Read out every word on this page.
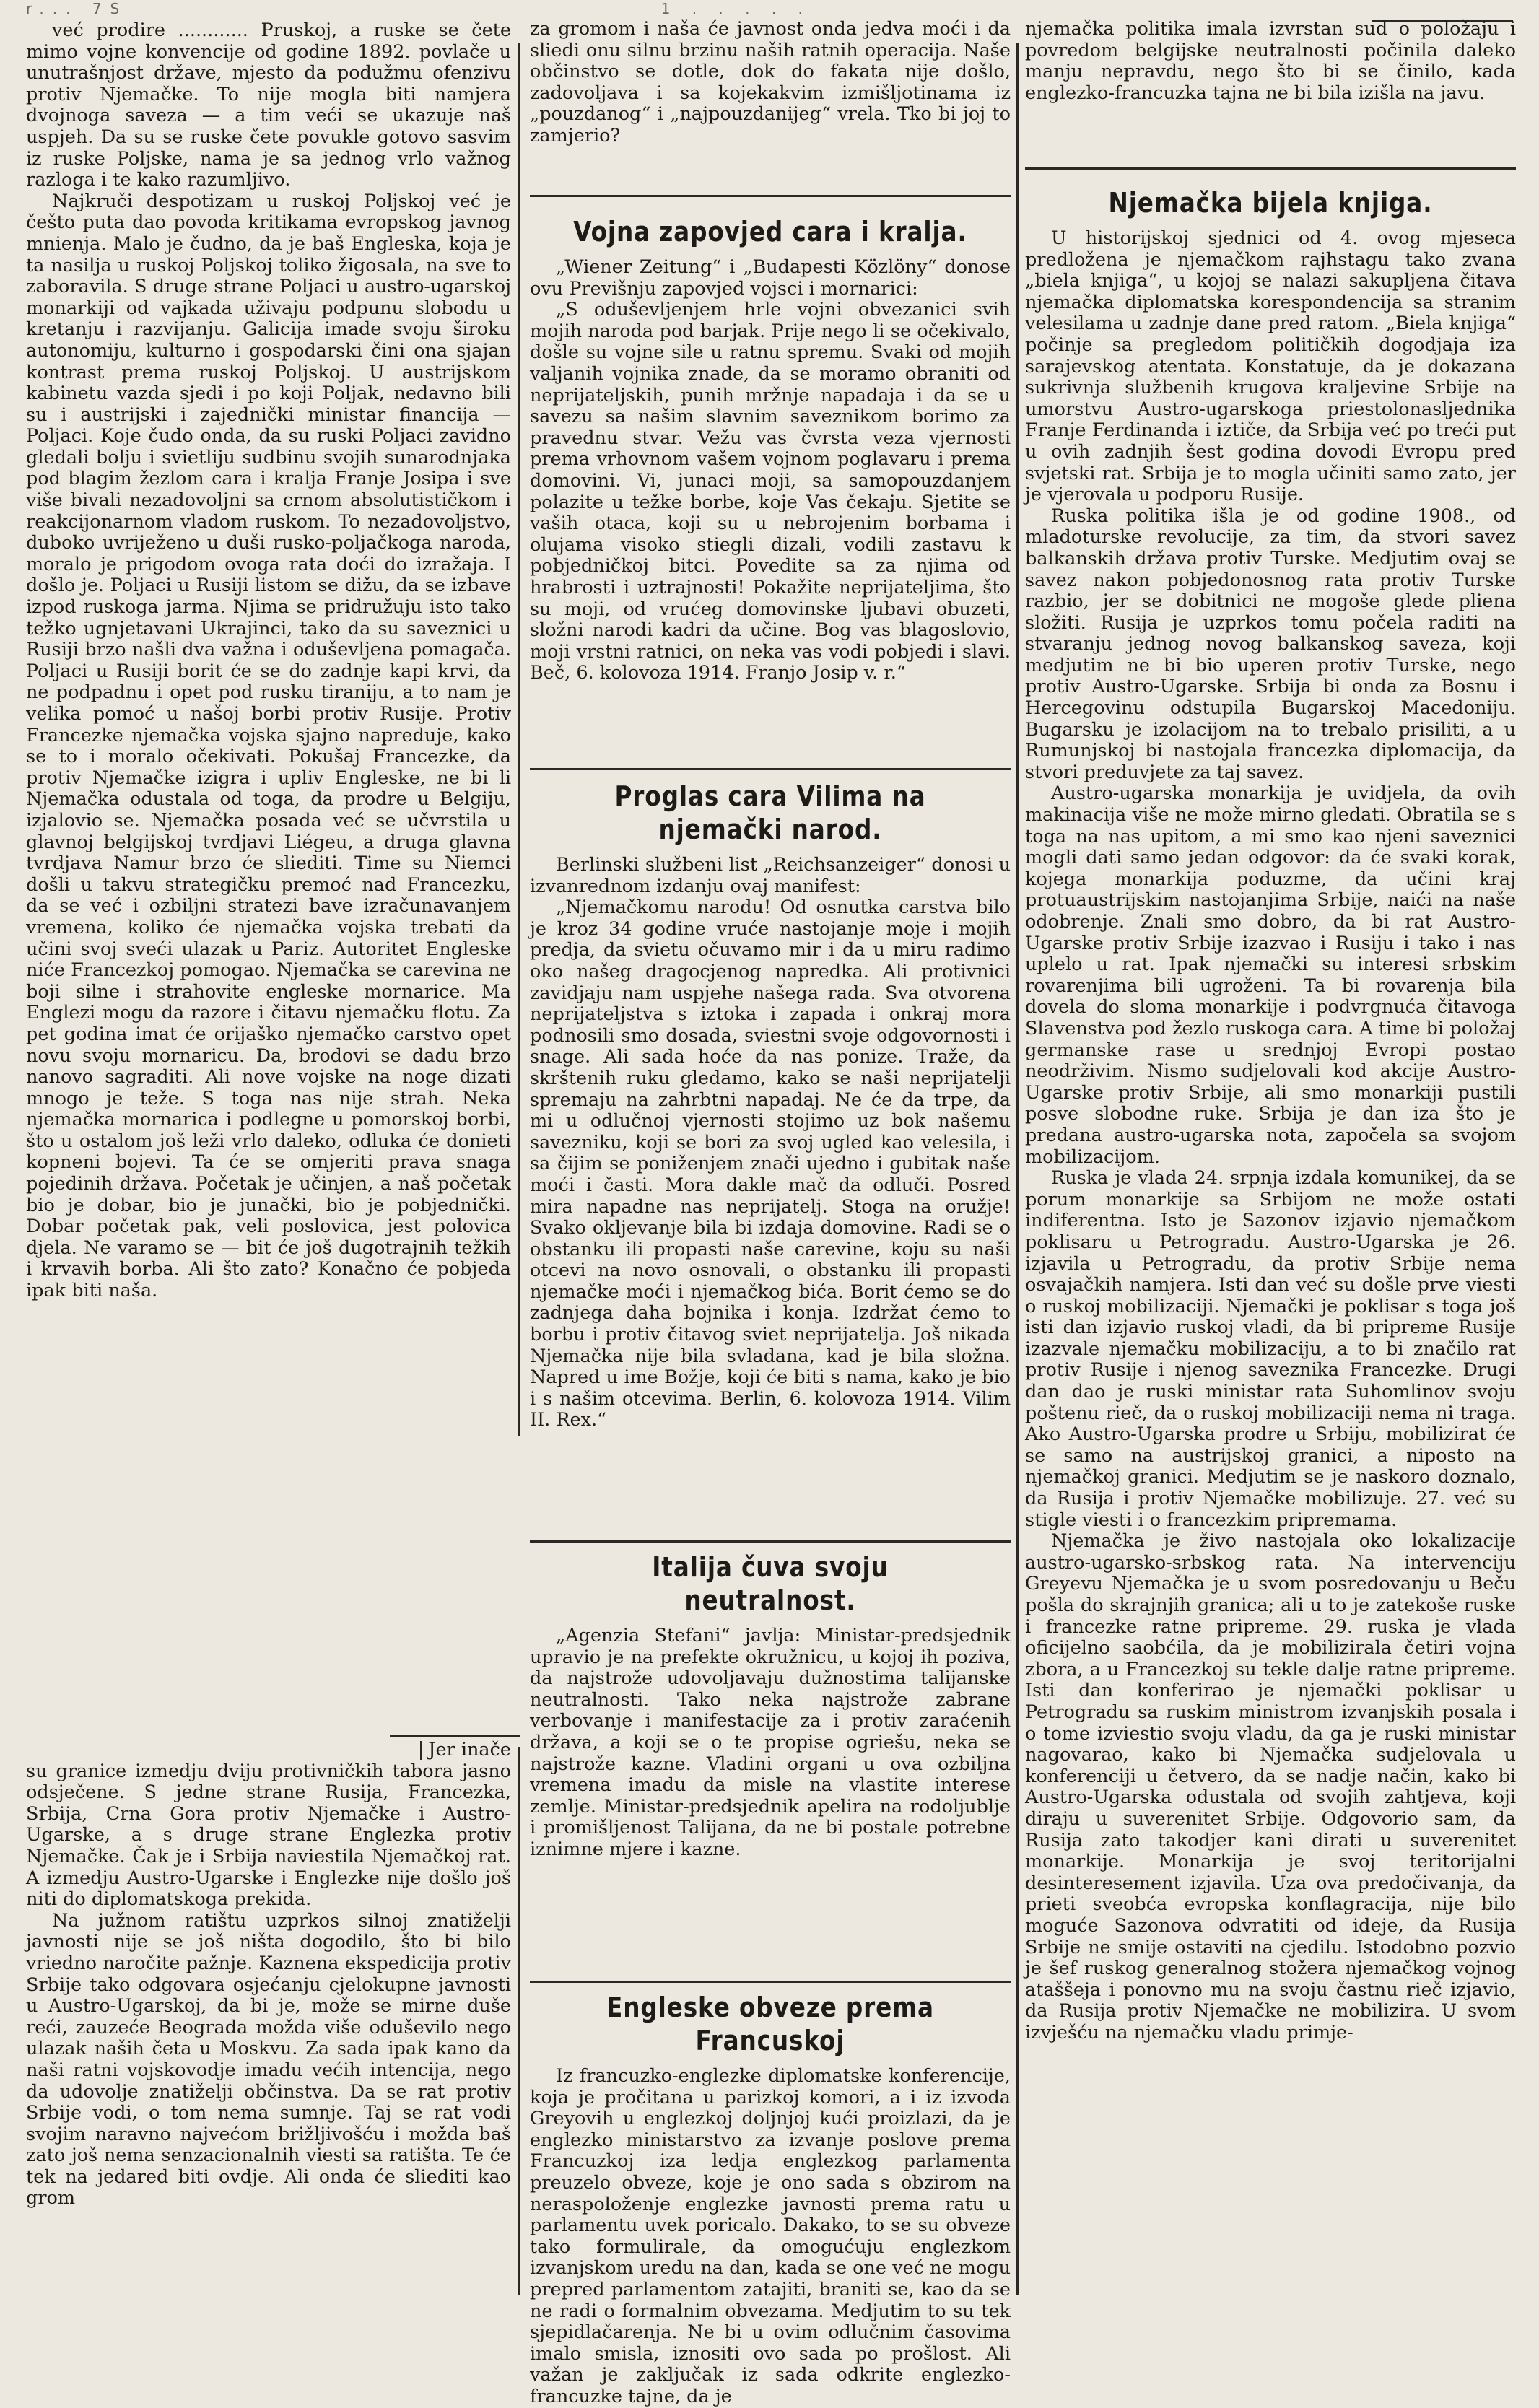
r... 7S	1 . . . . .

već prodire ............ Pruskoj, a ruske se čete mimo vojne konvencije od godine 1892. povlače u unutrašnjost države, mjesto da podužmu ofenzivu protiv Njemačke. To nije mogla biti namjera dvojnoga saveza — a tim veći se ukazuje naš uspjeh. Da su se ruske čete povukle gotovo sasvim iz ruske Poljske, nama je sa jednog vrlo važnog razloga i te kako razumljivo.

Najkruči despotizam u ruskoj Poljskoj već je češto puta dao povoda kritikama evropskog javnog mnienja. Malo je čudno, da je baš Engleska, koja je ta nasilja u ruskoj Poljskoj toliko žigosala, na sve to zaboravila. S druge strane Poljaci u austro-ugarskoj monarkiji od vajkada uživaju podpunu slobodu u kretanju i razvijanju. Galicija imade svoju široku autonomiju, kulturno i gospodarski čini ona sjajan kontrast prema ruskoj Poljskoj. U austrijskom kabinetu vazda sjedi i po koji Poljak, nedavno bili su i austrijski i zajednički ministar financija — Poljaci. Koje čudo onda, da su ruski Poljaci zavidno gledali bolju i svietliju sudbinu svojih sunarodnjaka pod blagim žezlom cara i kralja Franje Josipa i sve više bivali nezadovoljni sa crnom absolutističkom i reakcijonarnom vladom ruskom. To nezadovoljstvo, duboko uvriježeno u duši rusko-poljačkoga naroda, moralo je prigodom ovoga rata doći do izražaja. I došlo je. Poljaci u Rusiji listom se dižu, da se izbave izpod ruskoga jarma. Njima se pridružuju isto tako težko ugnjetavani Ukrajinci, tako da su saveznici u Rusiji brzo našli dva važna i oduševljena pomagača. Poljaci u Rusiji borit će se do zadnje kapi krvi, da ne podpadnu i opet pod rusku tiraniju, a to nam je velika pomoć u našoj borbi protiv Rusije. Protiv Francezke njemačka vojska sjajno napreduje, kako se to i moralo očekivati. Pokušaj Francezke, da protiv Njemačke izigra i upliv Engleske, ne bi li Njemačka odustala od toga, da prodre u Belgiju, izjalovio se. Njemačka posada već se učvrstila u glavnoj belgijskoj tvrdjavi Liégeu, a druga glavna tvrdjava Namur brzo će sliediti. Time su Niemci došli u takvu strategičku premoć nad Francezku, da se već i ozbiljni stratezi bave izračunavanjem vremena, koliko će njemačka vojska trebati da učini svoj sveći ulazak u Pariz. Autoritet Engleske niće Francezkoj pomogao. Njemačka se carevina ne boji silne i strahovite engleske mornarice. Ma Englezi mogu da razore i čitavu njemačku flotu. Za pet godina imat će orijaško njemačko carstvo opet novu svoju mornaricu. Da, brodovi se dadu brzo nanovo sagraditi. Ali nove vojske na noge dizati mnogo je teže. S toga nas nije strah. Neka njemačka mornarica i podlegne u pomorskoj borbi, što u ostalom još leži vrlo daleko, odluka će donieti kopneni bojevi. Ta će se omjeriti prava snaga pojedinih država. Početak je učinjen, a naš početak bio je dobar, bio je junački, bio je pobjednički. Dobar početak pak, veli poslovica, jest polovica djela. Ne varamo se — bit će još dugotrajnih težkih i krvavih borba. Ali što zato? Konačno će pobjeda ipak biti naša.

Jer inače

su granice izmedju dviju protivničkih tabora jasno odsječene. S jedne strane Rusija, Francezka, Srbija, Crna Gora protiv Njemačke i Austro-Ugarske, a s druge strane Englezka protiv Njemačke. Čak je i Srbija naviestila Njemačkoj rat. A izmedju Austro-Ugarske i Englezke nije došlo još niti do diplomatskoga prekida.

Na južnom ratištu uzprkos silnoj znatiželji javnosti nije se još ništa dogodilo, što bi bilo vriedno naročite pažnje. Kaznena ekspedicija protiv Srbije tako odgovara osjećanju cjelokupne javnosti u Austro-Ugarskoj, da bi je, može se mirne duše reći, zauzeće Beograda možda više oduševilo nego ulazak naših četa u Moskvu. Za sada ipak kano da naši ratni vojskovodje imadu većih intencija, nego da udovolje znatiželji občinstva. Da se rat protiv Srbije vodi, o tom nema sumnje. Taj se rat vodi svojim naravno najvećom brižljivošću i možda baš zato još nema senzacionalnih viesti sa ratišta. Te će tek na jedared biti ovdje. Ali onda će sliediti kao grom

za gromom i naša će javnost onda jedva moći i da sliedi onu silnu brzinu naših ratnih operacija. Naše občinstvo se dotle, dok do fakata nije došlo, zadovoljava i sa kojekakvim izmišljotinama iz „pouzdanog“ i „najpouzdanijeg“ vrela. Tko bi joj to zamjerio?

Vojna zapovjed cara i kralja.

„Wiener Zeitung“ i „Budapesti Közlöny“ donose ovu Previšnju zapovjed vojsci i mornarici:

„S oduševljenjem hrle vojni obvezanici svih mojih naroda pod barjak. Prije nego li se očekivalo, došle su vojne sile u ratnu spremu. Svaki od mojih valjanih vojnika znade, da se moramo obraniti od neprijateljskih, punih mržnje napadaja i da se u savezu sa našim slavnim saveznikom borimo za pravednu stvar. Vežu vas čvrsta veza vjernosti prema vrhovnom vašem vojnom poglavaru i prema domovini. Vi, junaci moji, sa samopouzdanjem polazite u težke borbe, koje Vas čekaju. Sjetite se vaših otaca, koji su u nebrojenim borbama i olujama visoko stiegli dizali, vodili zastavu k pobjedničkoj bitci. Povedite sa za njima od hrabrosti i uztrajnosti! Pokažite neprijateljima, što su moji, od vrućeg domovinske ljubavi obuzeti, složni narodi kadri da učine. Bog vas blagoslovio, moji vrstni ratnici, on neka vas vodi pobjedi i slavi. Beč, 6. kolovoza 1914. Franjo Josip v. r.“

Proglas cara Vilima na njemački narod.

Berlinski službeni list „Reichsanzeiger“ donosi u izvanrednom izdanju ovaj manifest:

„Njemačkomu narodu! Od osnutka carstva bilo je kroz 34 godine vruće nastojanje moje i mojih predja, da svietu očuvamo mir i da u miru radimo oko našeg dragocjenog napredka. Ali protivnici zavidjaju nam uspjehe našega rada. Sva otvorena neprijateljstva s iztoka i zapada i onkraj mora podnosili smo dosada, sviestni svoje odgovornosti i snage. Ali sada hoće da nas ponize. Traže, da skrštenih ruku gledamo, kako se naši neprijatelji spremaju na zahrbtni napadaj. Ne će da trpe, da mi u odlučnoj vjernosti stojimo uz bok našemu savezniku, koji se bori za svoj ugled kao velesila, i sa čijim se poniženjem znači ujedno i gubitak naše moći i časti. Mora dakle mač da odluči. Posred mira napadne nas neprijatelj. Stoga na oružje! Svako okljevanje bila bi izdaja domovine. Radi se o obstanku ili propasti naše carevine, koju su naši otcevi na novo osnovali, o obstanku ili propasti njemačke moći i njemačkog bića. Borit ćemo se do zadnjega daha bojnika i konja. Izdržat ćemo to borbu i protiv čitavog sviet neprijatelja. Još nikada Njemačka nije bila svladana, kad je bila složna. Napred u ime Božje, koji će biti s nama, kako je bio i s našim otcevima. Berlin, 6. kolovoza 1914. Vilim II. Rex.“

Italija čuva svoju neutralnost.

„Agenzia Stefani“ javlja: Ministar-predsjednik upravio je na prefekte okružnicu, u kojoj ih poziva, da najstrože udovoljavaju dužnostima talijanske neutralnosti. Tako neka najstrože zabrane verbovanje i manifestacije za i protiv zaraćenih država, a koji se o te propise ogriešu, neka se najstrože kazne. Vladini organi u ova ozbiljna vremena imadu da misle na vlastite interese zemlje. Ministar-predsjednik apelira na rodoljublje i promišljenost Talijana, da ne bi postale potrebne iznimne mjere i kazne.

Engleske obveze prema Francuskoj

Iz francuzko-englezke diplomatske konferencije, koja je pročitana u parizkoj komori, a i iz izvoda Greyovih u englezkoj doljnjoj kući proizlazi, da je englezko ministarstvo za izvanje poslove prema Francuzkoj iza ledja englezkog parlamenta preuzelo obveze, koje je ono sada s obzirom na neraspoloženje englezke javnosti prema ratu u parlamentu uvek poricalo. Dakako, to se su obveze tako formulirale, da omogućuju englezkom izvanjskom uredu na dan, kada se one već ne mogu prepred parlamentom zatajiti, braniti se, kao da se ne radi o formalnim obvezama. Medjutim to su tek sjepidlačarenja. Ne bi u ovim odlučnim časovima imalo smisla, iznositi ovo sada po prošlost. Ali važan je zaključak iz sada odkrite englezko-francuzke tajne, da je

njemačka politika imala izvrstan sud o položaju i povredom belgijske neutralnosti počinila daleko manju nepravdu, nego što bi se činilo, kada englezko-francuzka tajna ne bi bila izišla na javu.

Njemačka bijela knjiga.

U historijskoj sjednici od 4. ovog mjeseca predložena je njemačkom rajhstagu tako zvana „biela knjiga“, u kojoj se nalazi sakupljena čitava njemačka diplomatska korespondencija sa stranim velesilama u zadnje dane pred ratom. „Biela knjiga“ počinje sa pregledom političkih dogodjaja iza sarajevskog atentata. Konstatuje, da je dokazana sukrivnja službenih krugova kraljevine Srbije na umorstvu Austro-ugarskoga priestolonasljednika Franje Ferdinanda i iztiče, da Srbija već po treći put u ovih zadnjih šest godina dovodi Evropu pred svjetski rat. Srbija je to mogla učiniti samo zato, jer je vjerovala u podporu Rusije.

Ruska politika išla je od godine 1908., od mladoturske revolucije, za tim, da stvori savez balkanskih država protiv Turske. Medjutim ovaj se savez nakon pobjedonosnog rata protiv Turske razbio, jer se dobitnici ne mogoše glede pliena složiti. Rusija je uzprkos tomu počela raditi na stvaranju jednog novog balkanskog saveza, koji medjutim ne bi bio uperen protiv Turske, nego protiv Austro-Ugarske. Srbija bi onda za Bosnu i Hercegovinu odstupila Bugarskoj Macedoniju. Bugarsku je izolacijom na to trebalo prisiliti, a u Rumunjskoj bi nastojala francezka diplomacija, da stvori preduvjete za taj savez.

Austro-ugarska monarkija je uvidjela, da ovih makinacija više ne može mirno gledati. Obratila se s toga na nas upitom, a mi smo kao njeni saveznici mogli dati samo jedan odgovor: da će svaki korak, kojega monarkija poduzme, da učini kraj protuaustrijskim nastojanjima Srbije, naići na naše odobrenje. Znali smo dobro, da bi rat Austro-Ugarske protiv Srbije izazvao i Rusiju i tako i nas uplelo u rat. Ipak njemački su interesi srbskim rovarenjima bili ugroženi. Ta bi rovarenja bila dovela do sloma monarkije i podvrgnuća čitavoga Slavenstva pod žezlo ruskoga cara. A time bi položaj germanske rase u srednjoj Evropi postao neodrživim. Nismo sudjelovali kod akcije Austro-Ugarske protiv Srbije, ali smo monarkiji pustili posve slobodne ruke. Srbija je dan iza što je predana austro-ugarska nota, započela sa svojom mobilizacijom.

Ruska je vlada 24. srpnja izdala komunikej, da se porum monarkije sa Srbijom ne može ostati indiferentna. Isto je Sazonov izjavio njemačkom poklisaru u Petrogradu. Austro-Ugarska je 26. izjavila u Petrogradu, da protiv Srbije nema osvajačkih namjera. Isti dan već su došle prve viesti o ruskoj mobilizaciji. Njemački je poklisar s toga još isti dan izjavio ruskoj vladi, da bi pripreme Rusije izazvale njemačku mobilizaciju, a to bi značilo rat protiv Rusije i njenog saveznika Francezke. Drugi dan dao je ruski ministar rata Suhomlinov svoju poštenu rieč, da o ruskoj mobilizaciji nema ni traga. Ako Austro-Ugarska prodre u Srbiju, mobilizirat će se samo na austrijskoj granici, a niposto na njemačkoj granici. Medjutim se je naskoro doznalo, da Rusija i protiv Njemačke mobilizuje. 27. već su stigle viesti i o francezkim pripremama.

Njemačka je živo nastojala oko lokalizacije austro-ugarsko-srbskog rata. Na intervenciju Greyevu Njemačka je u svom posredovanju u Beču pošla do skrajnjih granica; ali u to je zatekoše ruske i francezke ratne pripreme. 29. ruska je vlada oficijelno saobćila, da je mobilizirala četiri vojna zbora, a u Francezkoj su tekle dalje ratne pripreme. Isti dan konferirao je njemački poklisar u Petrogradu sa ruskim ministrom izvanjskih posala i o tome izviestio svoju vladu, da ga je ruski ministar nagovarao, kako bi Njemačka sudjelovala u konferenciji u četvero, da se nadje način, kako bi Austro-Ugarska odustala od svojih zahtjeva, koji diraju u suverenitet Srbije. Odgovorio sam, da Rusija zato takodjer kani dirati u suverenitet monarkije. Monarkija je svoj teritorijalni desinteresement izjavila. Uza ova predočivanja, da prieti sveobća evropska konflagracija, nije bilo moguće Sazonova odvratiti od ideje, da Rusija Srbije ne smije ostaviti na cjedilu. Istodobno pozvio je šef ruskog generalnog stožera njemačkog vojnog ataššeja i ponovno mu na svoju častnu rieč izjavio, da Rusija protiv Njemačke ne mobilizira. U svom izvješću na njemačku vladu primje-
